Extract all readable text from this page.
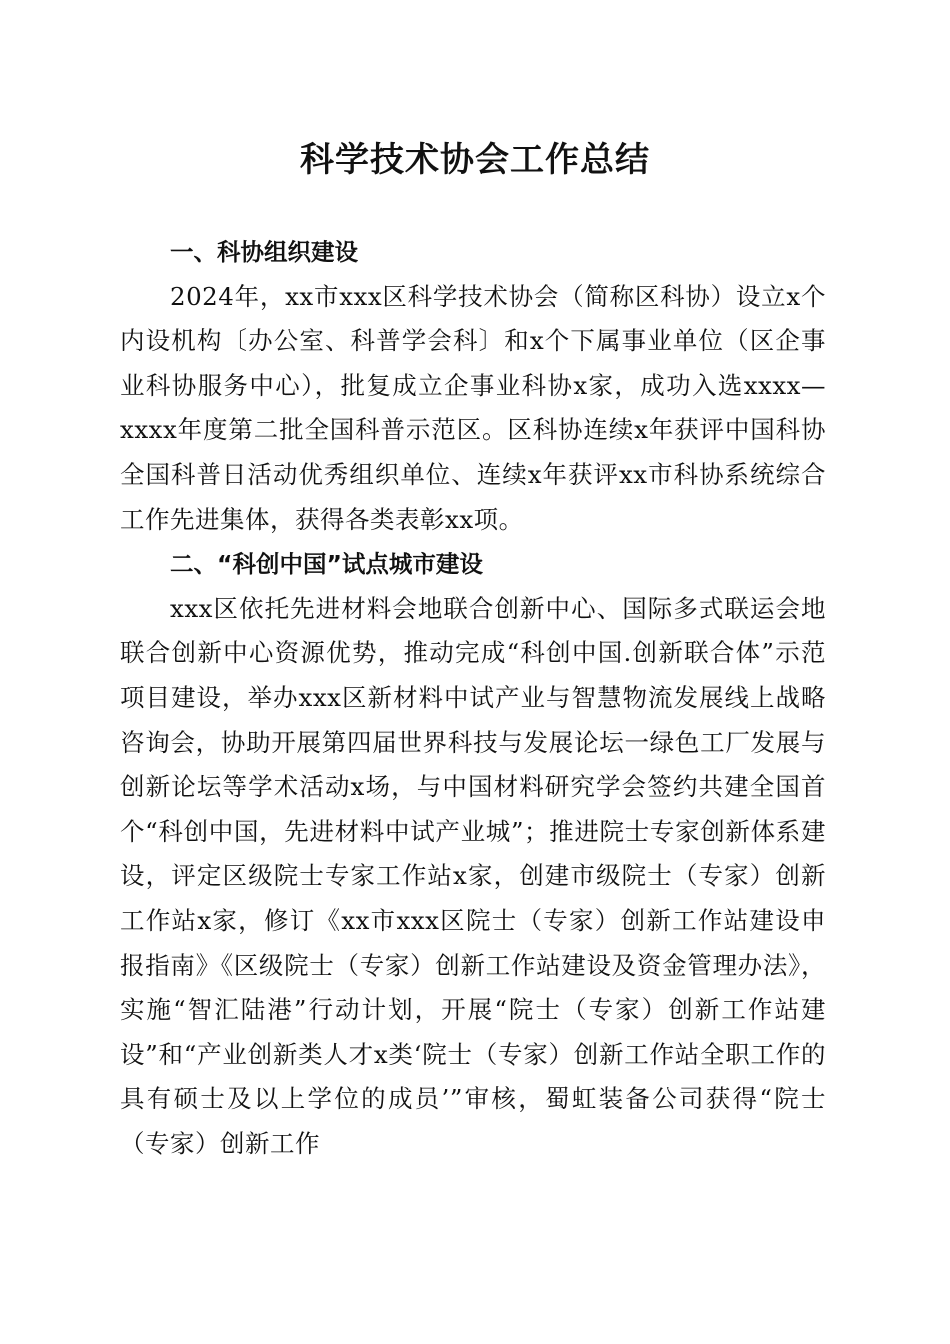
科学技术协会工作总结

一、科协组织建设

2024年，xx市xxx区科学技术协会（简称区科协）设立x个内设机构〔办公室、科普学会科〕和x个下属事业单位（区企事业科协服务中心），批复成立企事业科协x家，成功入选xxxx—xxxx年度第二批全国科普示范区。区科协连续x年获评中国科协全国科普日活动优秀组织单位、连续x年获评xx市科协系统综合工作先进集体，获得各类表彰xx项。

二、“科创中国”试点城市建设

xxx区依托先进材料会地联合创新中心、国际多式联运会地联合创新中心资源优势，推动完成“科创中国.创新联合体”示范项目建设，举办xxx区新材料中试产业与智慧物流发展线上战略咨询会，协助开展第四届世界科技与发展论坛一绿色工厂发展与创新论坛等学术活动x场，与中国材料研究学会签约共建全国首个“科创中国，先进材料中试产业城”；推进院士专家创新体系建设，评定区级院士专家工作站x家，创建市级院士（专家）创新工作站x家，修订《xx市xxx区院士（专家）创新工作站建设申报指南》《区级院士（专家）创新工作站建设及资金管理办法》，实施“智汇陆港”行动计划，开展“院士（专家）创新工作站建设”和“产业创新类人才x类‘院士（专家）创新工作站全职工作的具有硕士及以上学位的成员’”审核，蜀虹装备公司获得“院士（专家）创新工作
